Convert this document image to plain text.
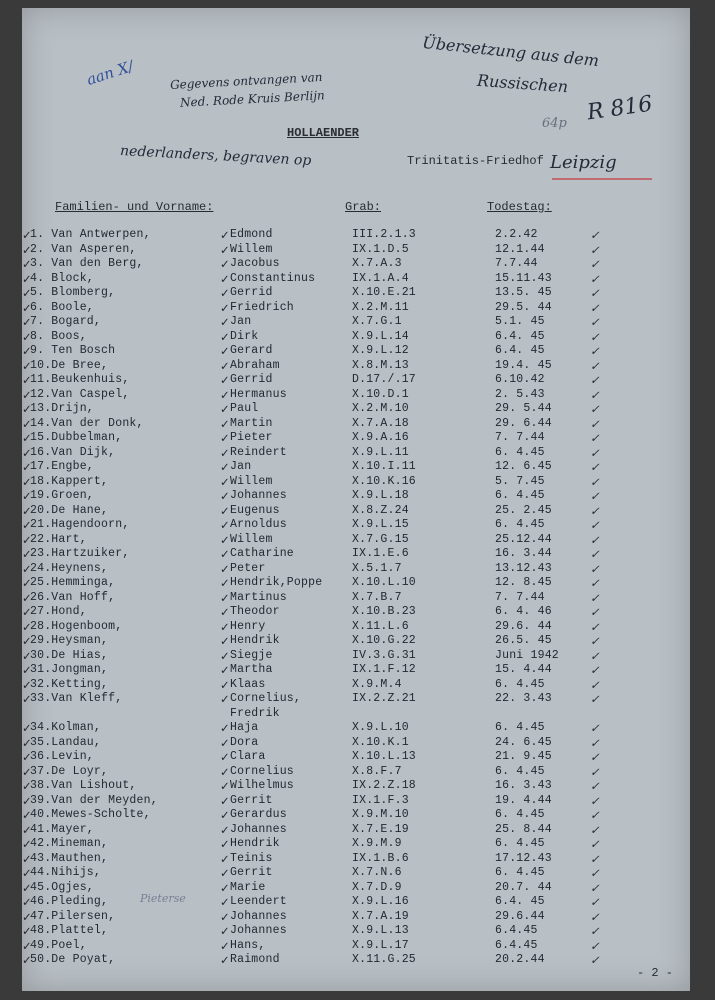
aan X/	Gegevens ontvangen van
Ned. Rode Kruis Berlijn
Übersetzung aus dem
Russischen
R 816
64p
HOLLAENDER
nederlanders, begraven op	Trinitatis-Friedhof Leipzig
Familien- und Vorname:	Grab:	Todestag:
1. Van Antwerpen,	Edmond	III.2.1.3	2.2.42
✓	✓	✓
2. Van Asperen,	Willem	IX.1.D.5	12.1.44
✓	✓	✓
3. Van den Berg,	Jacobus	X.7.A.3	7.7.44
✓	✓	✓
4. Block,	Constantinus	IX.1.A.4	15.11.43
✓	✓	✓
5. Blomberg,	Gerrid	X.10.E.21	13.5. 45
✓	✓	✓
6. Boole,	Friedrich	X.2.M.11	29.5. 44
✓	✓	✓
7. Bogard,	Jan	X.7.G.1	5.1. 45
✓	✓	✓
8. Boos,	Dirk	X.9.L.14	6.4. 45
✓	✓	✓
9. Ten Bosch	Gerard	X.9.L.12	6.4. 45
✓	✓	✓
10.De Bree,	Abraham	X.8.M.13	19.4. 45
✓	✓	✓
11.Beukenhuis,	Gerrid	D.17./.17	6.10.42
✓	✓	✓
12.Van Caspel,	Hermanus	X.10.D.1	2. 5.43
✓	✓	✓
13.Drijn,	Paul	X.2.M.10	29. 5.44
✓	✓	✓
14.Van der Donk,	Martin	X.7.A.18	29. 6.44
✓	✓	✓
15.Dubbelman,	Pieter	X.9.A.16	7. 7.44
✓	✓	✓
16.Van Dijk,	Reindert	X.9.L.11	6. 4.45
✓	✓	✓
17.Engbe,	Jan	X.10.I.11	12. 6.45
✓	✓	✓
18.Kappert,	Willem	X.10.K.16	5. 7.45
✓	✓	✓
19.Groen,	Johannes	X.9.L.18	6. 4.45
✓	✓	✓
20.De Hane,	Eugenus	X.8.Z.24	25. 2.45
✓	✓	✓
21.Hagendoorn,	Arnoldus	X.9.L.15	6. 4.45
✓	✓	✓
22.Hart,	Willem	X.7.G.15	25.12.44
✓	✓	✓
23.Hartzuiker,	Catharine	IX.1.E.6	16. 3.44
✓	✓	✓
24.Heynens,	Peter	X.5.1.7	13.12.43
✓	✓	✓
25.Hemminga,	Hendrik,Poppe	X.10.L.10	12. 8.45
✓	✓	✓
26.Van Hoff,	Martinus	X.7.B.7	7. 7.44
✓	✓	✓
27.Hond,	Theodor	X.10.B.23	6. 4. 46
✓	✓	✓
28.Hogenboom,	Henry	X.11.L.6	29.6. 44
✓	✓	✓
29.Heysman,	Hendrik	X.10.G.22	26.5. 45
✓	✓	✓
30.De Hias,	Siegje	IV.3.G.31	Juni 1942
✓	✓	✓
31.Jongman,	Martha	IX.1.F.12	15. 4.44
✓	✓	✓
32.Ketting,	Klaas	X.9.M.4	6. 4.45
✓	✓	✓
33.Van Kleff,	Cornelius,	IX.2.Z.21	22. 3.43
✓	✓	✓
Fredrik
34.Kolman,	Haja	X.9.L.10	6. 4.45
✓	✓	✓
35.Landau,	Dora	X.10.K.1	24. 6.45
✓	✓	✓
36.Levin,	Clara	X.10.L.13	21. 9.45
✓	✓	✓
37.De Loyr,	Cornelius	X.8.F.7	6. 4.45
✓	✓	✓
38.Van Lishout,	Wilhelmus	IX.2.Z.18	16. 3.43
✓	✓	✓
39.Van der Meyden,	Gerrit	IX.1.F.3	19. 4.44
✓	✓	✓
40.Mewes-Scholte,	Gerardus	X.9.M.10	6. 4.45
✓	✓	✓
41.Mayer,	Johannes	X.7.E.19	25. 8.44
✓	✓	✓
42.Mineman,	Hendrik	X.9.M.9	6. 4.45
✓	✓	✓
43.Mauthen,	Teinis	IX.1.B.6	17.12.43
✓	✓	✓
44.Nihijs,	Gerrit	X.7.N.6	6. 4.45
✓	✓	✓
45.Ogjes,	Marie	X.7.D.9	20.7. 44
✓	✓	✓
46.Pleding,	Leendert	X.9.L.16	6.4. 45
✓	✓	✓
47.Pilersen,	Johannes	X.7.A.19	29.6.44
✓	✓	✓
48.Plattel,	Johannes	X.9.L.13	6.4.45
✓	✓	✓
49.Poel,	Hans,	X.9.L.17	6.4.45
✓	✓	✓
50.De Poyat,	Raimond	X.11.G.25	20.2.44
✓	✓	✓
Pieterse
- 2 -
